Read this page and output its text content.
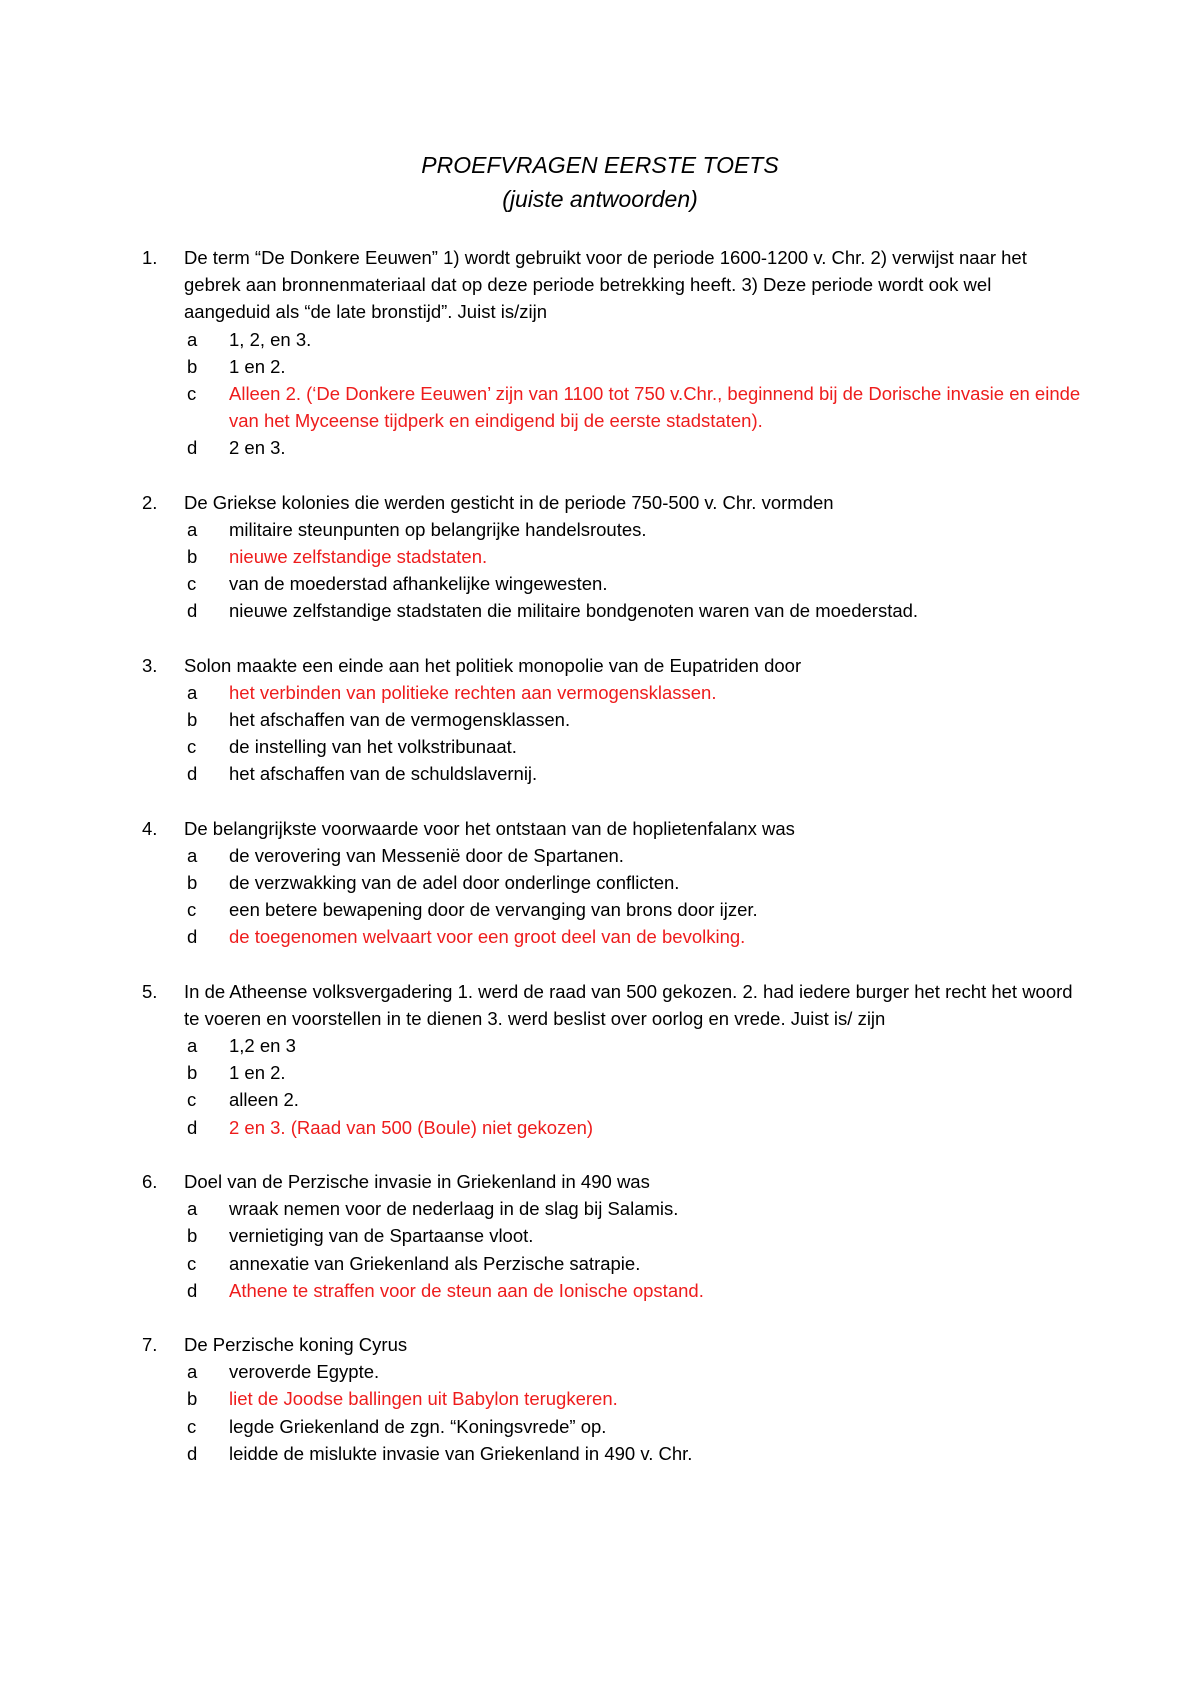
PROEFVRAGEN EERSTE TOETS
(juiste antwoorden)
1.	De term “De Donkere Eeuwen” 1) wordt gebruikt voor de periode 1600-1200 v. Chr. 2) verwijst naar het gebrek aan bronnenmateriaal dat op deze periode betrekking heeft. 3) Deze periode wordt ook wel aangeduid als “de late bronstijd”. Juist is/zijn
a	1, 2, en 3.
b	1 en 2.
c	Alleen 2. (‘De Donkere Eeuwen’ zijn van 1100 tot 750 v.Chr., beginnend bij de Dorische invasie en einde van het Myceense tijdperk en eindigend bij de eerste stadstaten).
d	2 en 3.
2.	De Griekse kolonies die werden gesticht in de periode 750-500 v. Chr. vormden
a	militaire steunpunten op belangrijke handelsroutes.
b	nieuwe zelfstandige stadstaten.
c	van de moederstad afhankelijke wingewesten.
d	nieuwe zelfstandige stadstaten die militaire bondgenoten waren van de moederstad.
3.	Solon maakte een einde aan het politiek monopolie van de Eupatriden door
a	het verbinden van politieke rechten aan vermogensklassen.
b	het afschaffen van de vermogensklassen.
c	de instelling van het volkstribunaat.
d	het afschaffen van de schuldslavernij.
4.	De belangrijkste voorwaarde voor het ontstaan van de hoplietenfalanx was
a	de verovering van Messenië door de Spartanen.
b	de verzwakking van de adel door onderlinge conflicten.
c	een betere bewapening door de vervanging van brons door ijzer.
d	de toegenomen welvaart voor een groot deel van de bevolking.
5.	In de Atheense volksvergadering 1. werd de raad van 500 gekozen. 2. had iedere burger het recht het woord te voeren en voorstellen in te dienen 3. werd beslist over oorlog en vrede. Juist is/ zijn
a	1,2 en 3
b	1 en 2.
c	alleen 2.
d	2 en 3. (Raad van 500 (Boule) niet gekozen)
6.	Doel van de Perzische invasie in Griekenland in 490 was
a	wraak nemen voor de nederlaag in de slag bij Salamis.
b	vernietiging van de Spartaanse vloot.
c	annexatie van Griekenland als Perzische satrapie.
d	Athene te straffen voor de steun aan de Ionische opstand.
7.	De Perzische koning Cyrus
a	veroverde Egypte.
b	liet de Joodse ballingen uit Babylon terugkeren.
c	legde Griekenland de zgn. “Koningsvrede” op.
d	leidde de mislukte invasie van Griekenland in 490 v. Chr.
